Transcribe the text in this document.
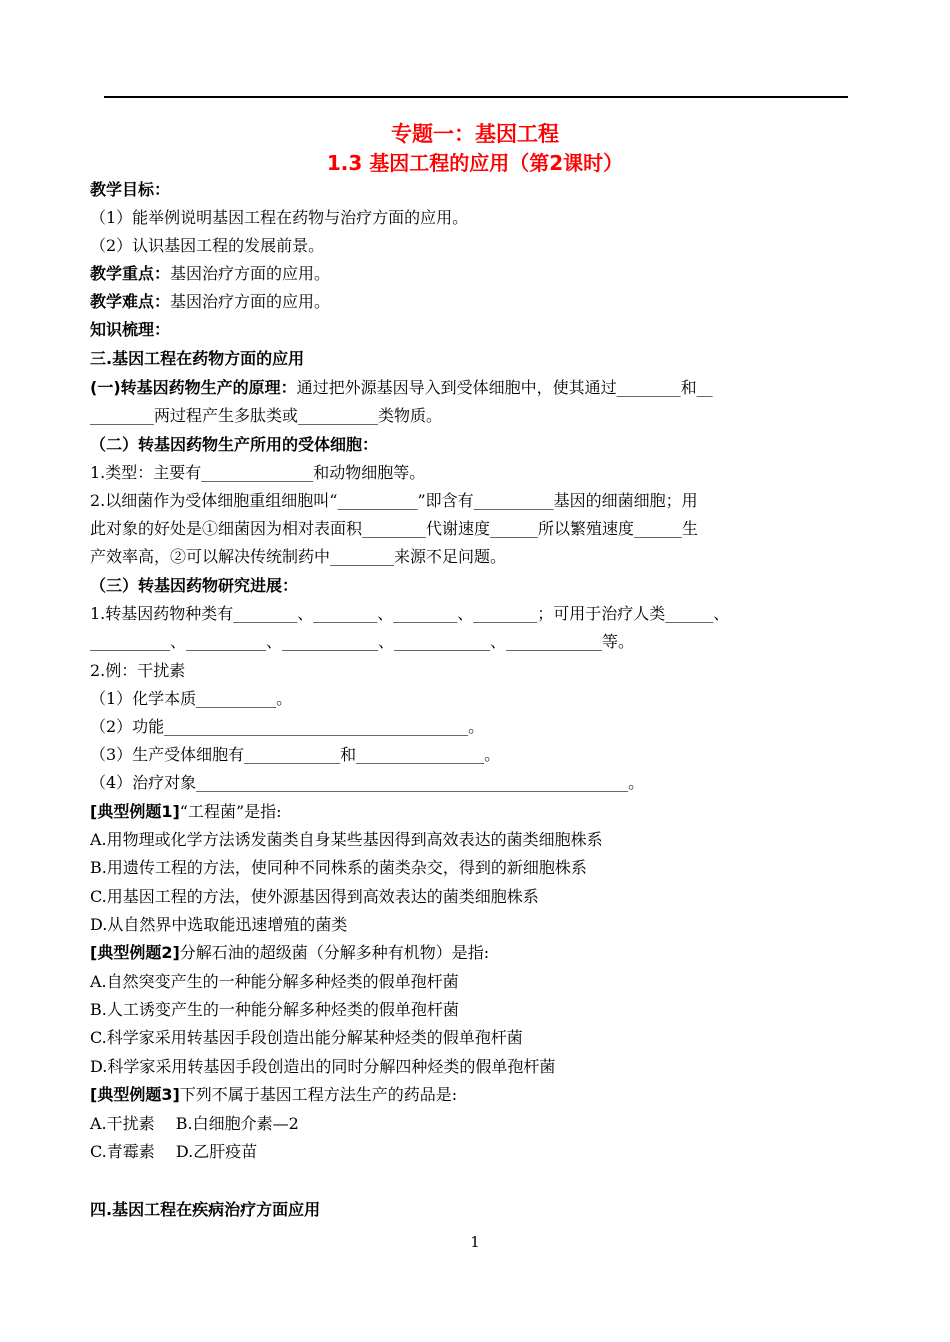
专题一：基因工程
1.3 基因工程的应用（第2课时）
教学目标：
（1）能举例说明基因工程在药物与治疗方面的应用。
（2）认识基因工程的发展前景。
教学重点：基因治疗方面的应用。
教学难点：基因治疗方面的应用。
知识梳理：
三.基因工程在药物方面的应用
(一)转基因药物生产的原理：通过把外源基因导入到受体细胞中，使其通过________和__
________两过程产生多肽类或__________类物质。
（二）转基因药物生产所用的受体细胞：
1.类型：主要有______________和动物细胞等。
2.以细菌作为受体细胞重组细胞叫“__________”即含有__________基因的细菌细胞；用
此对象的好处是①细菌因为相对表面积________代谢速度______所以繁殖速度______生
产效率高，②可以解决传统制药中________来源不足问题。
（三）转基因药物研究进展：
1.转基因药物种类有________、________、________、________；可用于治疗人类______、
__________、__________、____________、____________、____________等。
2.例：干扰素
（1）化学本质__________。
（2）功能______________________________________。
（3）生产受体细胞有____________和________________。
（4）治疗对象______________________________________________________。
[典型例题1]“工程菌”是指:
A.用物理或化学方法诱发菌类自身某些基因得到高效表达的菌类细胞株系
B.用遗传工程的方法，使同种不同株系的菌类杂交，得到的新细胞株系
C.用基因工程的方法，使外源基因得到高效表达的菌类细胞株系
D.从自然界中选取能迅速增殖的菌类
[典型例题2]分解石油的超级菌（分解多种有机物）是指:
A.自然突变产生的一种能分解多种烃类的假单孢杆菌
B.人工诱变产生的一种能分解多种烃类的假单孢杆菌
C.科学家采用转基因手段创造出能分解某种烃类的假单孢杆菌
D.科学家采用转基因手段创造出的同时分解四种烃类的假单孢杆菌
[典型例题3]下列不属于基因工程方法生产的药品是:
A.干扰素　 B.白细胞介素—2
C.青霉素　 D.乙肝疫苗
四.基因工程在疾病治疗方面应用
1
